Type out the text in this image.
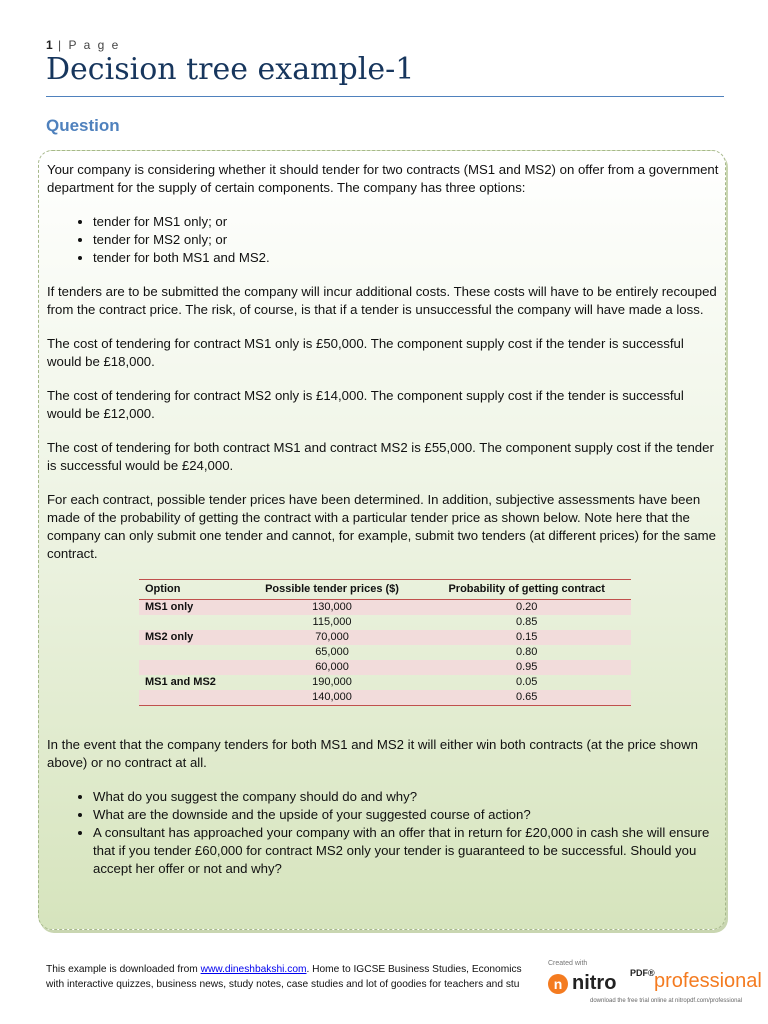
1 | P a g e
Decision tree example-1
Question

Your company is considering whether it should tender for two contracts (MS1 and MS2) on offer from a government department for the supply of certain components. The company has three options:

• tender for MS1 only; or
• tender for MS2 only; or
• tender for both MS1 and MS2.

If tenders are to be submitted the company will incur additional costs. These costs will have to be entirely recouped from the contract price. The risk, of course, is that if a tender is unsuccessful the company will have made a loss.

The cost of tendering for contract MS1 only is £50,000. The component supply cost if the tender is successful would be £18,000.

The cost of tendering for contract MS2 only is £14,000. The component supply cost if the tender is successful would be £12,000.

The cost of tendering for both contract MS1 and contract MS2 is £55,000. The component supply cost if the tender is successful would be £24,000.

For each contract, possible tender prices have been determined. In addition, subjective assessments have been made of the probability of getting the contract with a particular tender price as shown below. Note here that the company can only submit one tender and cannot, for example, submit two tenders (at different prices) for the same contract.

Option	Possible tender prices ($)	Probability of getting contract
MS1 only	130,000	0.20
	115,000	0.85
MS2 only	70,000	0.15
	65,000	0.80
	60,000	0.95
MS1 and MS2	190,000	0.05
	140,000	0.65

In the event that the company tenders for both MS1 and MS2 it will either win both contracts (at the price shown above) or no contract at all.

• What do you suggest the company should do and why?
• What are the downside and the upside of your suggested course of action?
• A consultant has approached your company with an offer that in return for £20,000 in cash she will ensure that if you tender £60,000 for contract MS2 only your tender is guaranteed to be successful. Should you accept her offer or not and why?
This example is downloaded from www.dineshbakshi.com. Home to IGCSE Business Studies, Economics
with interactive quizzes, business news, study notes, case studies and lot of goodies for teachers and stu
Created with
n nitro PDF® professional
download the free trial online at nitropdf.com/professional
